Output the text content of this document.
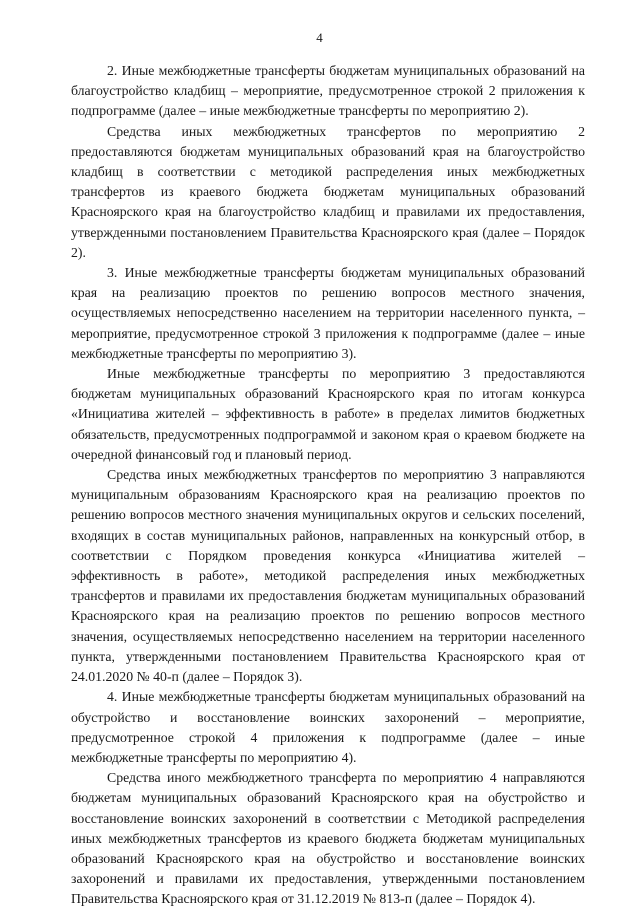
4

2. Иные межбюджетные трансферты бюджетам муниципальных образований на благоустройство кладбищ – мероприятие, предусмотренное строкой 2 приложения к подпрограмме (далее – иные межбюджетные трансферты по мероприятию 2).

Средства иных межбюджетных трансфертов по мероприятию 2 предоставляются бюджетам муниципальных образований края на благоустройство кладбищ в соответствии с методикой распределения иных межбюджетных трансфертов из краевого бюджета бюджетам муниципальных образований Красноярского края на благоустройство кладбищ и правилами их предоставления, утвержденными постановлением Правительства Красноярского края (далее – Порядок 2).

3. Иные межбюджетные трансферты бюджетам муниципальных образований края на реализацию проектов по решению вопросов местного значения, осуществляемых непосредственно населением на территории населенного пункта, – мероприятие, предусмотренное строкой 3 приложения к подпрограмме (далее – иные межбюджетные трансферты по мероприятию 3).

Иные межбюджетные трансферты по мероприятию 3 предоставляются бюджетам муниципальных образований Красноярского края по итогам конкурса «Инициатива жителей – эффективность в работе» в пределах лимитов бюджетных обязательств, предусмотренных подпрограммой и законом края о краевом бюджете на очередной финансовый год и плановый период.

Средства иных межбюджетных трансфертов по мероприятию 3 направляются муниципальным образованиям Красноярского края на реализацию проектов по решению вопросов местного значения муниципальных округов и сельских поселений, входящих в состав муниципальных районов, направленных на конкурсный отбор, в соответствии с Порядком проведения конкурса «Инициатива жителей – эффективность в работе», методикой распределения иных межбюджетных трансфертов и правилами их предоставления бюджетам муниципальных образований Красноярского края на реализацию проектов по решению вопросов местного значения, осуществляемых непосредственно населением на территории населенного пункта, утвержденными постановлением Правительства Красноярского края от 24.01.2020 № 40-п (далее – Порядок 3).

4. Иные межбюджетные трансферты бюджетам муниципальных образований на обустройство и восстановление воинских захоронений – мероприятие, предусмотренное строкой 4 приложения к подпрограмме (далее – иные межбюджетные трансферты по мероприятию 4).

Средства иного межбюджетного трансферта по мероприятию 4 направляются бюджетам муниципальных образований Красноярского края на обустройство и восстановление воинских захоронений в соответствии с Методикой распределения иных межбюджетных трансфертов из краевого бюджета бюджетам муниципальных образований Красноярского края на обустройство и восстановление воинских захоронений и правилами их предоставления, утвержденными постановлением Правительства Красноярского края от 31.12.2019 № 813-п (далее – Порядок 4).
